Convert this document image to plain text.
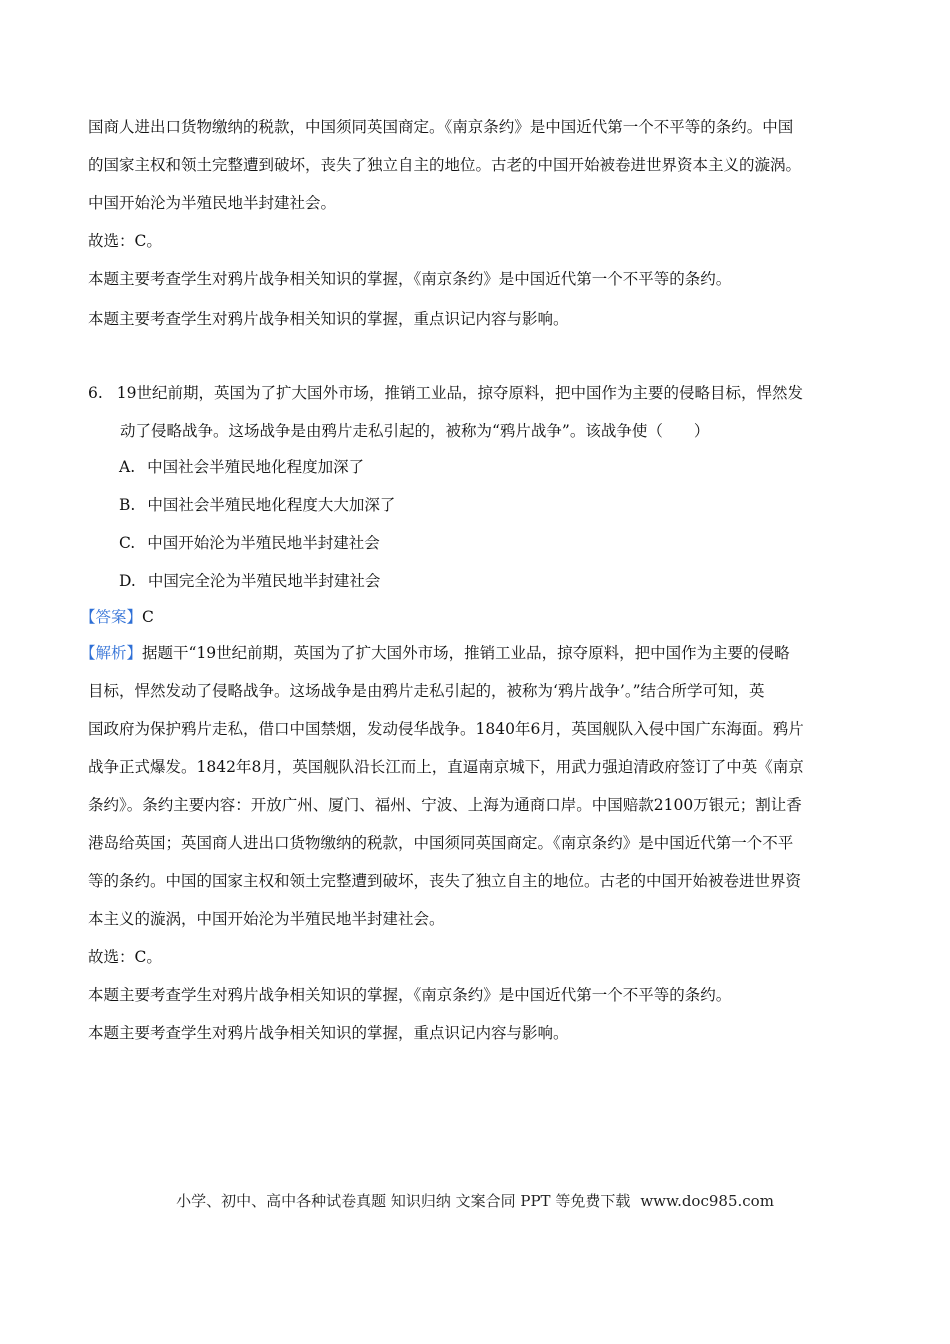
国商人进出口货物缴纳的税款，中国须同英国商定。《南京条约》是中国近代第一个不平等的条约。中国
的国家主权和领土完整遭到破坏，丧失了独立自主的地位。古老的中国开始被卷进世界资本主义的漩涡。
中国开始沦为半殖民地半封建社会。
故选：C。
本题主要考查学生对鸦片战争相关知识的掌握，《南京条约》是中国近代第一个不平等的条约。
本题主要考查学生对鸦片战争相关知识的掌握，重点识记内容与影响。
6. 19世纪前期，英国为了扩大国外市场，推销工业品，掠夺原料，把中国作为主要的侵略目标，悍然发
动了侵略战争。这场战争是由鸦片走私引起的，被称为“鸦片战争”。该战争使（　　）
A. 中国社会半殖民地化程度加深了
B. 中国社会半殖民地化程度大大加深了
C. 中国开始沦为半殖民地半封建社会
D. 中国完全沦为半殖民地半封建社会
【答案】C
【解析】据题干“19世纪前期，英国为了扩大国外市场，推销工业品，掠夺原料，把中国作为主要的侵略
目标，悍然发动了侵略战争。这场战争是由鸦片走私引起的，被称为‘鸦片战争’。”结合所学可知，英
国政府为保护鸦片走私，借口中国禁烟，发动侵华战争。1840年6月，英国舰队入侵中国广东海面。鸦片
战争正式爆发。1842年8月，英国舰队沿长江而上，直逼南京城下，用武力强迫清政府签订了中英《南京
条约》。条约主要内容：开放广州、厦门、福州、宁波、上海为通商口岸。中国赔款2100万银元；割让香
港岛给英国；英国商人进出口货物缴纳的税款，中国须同英国商定。《南京条约》是中国近代第一个不平
等的条约。中国的国家主权和领土完整遭到破坏，丧失了独立自主的地位。古老的中国开始被卷进世界资
本主义的漩涡，中国开始沦为半殖民地半封建社会。
故选：C。
本题主要考查学生对鸦片战争相关知识的掌握，《南京条约》是中国近代第一个不平等的条约。
本题主要考查学生对鸦片战争相关知识的掌握，重点识记内容与影响。
小学、初中、高中各种试卷真题 知识归纳 文案合同 PPT 等免费下载 www.doc985.com
